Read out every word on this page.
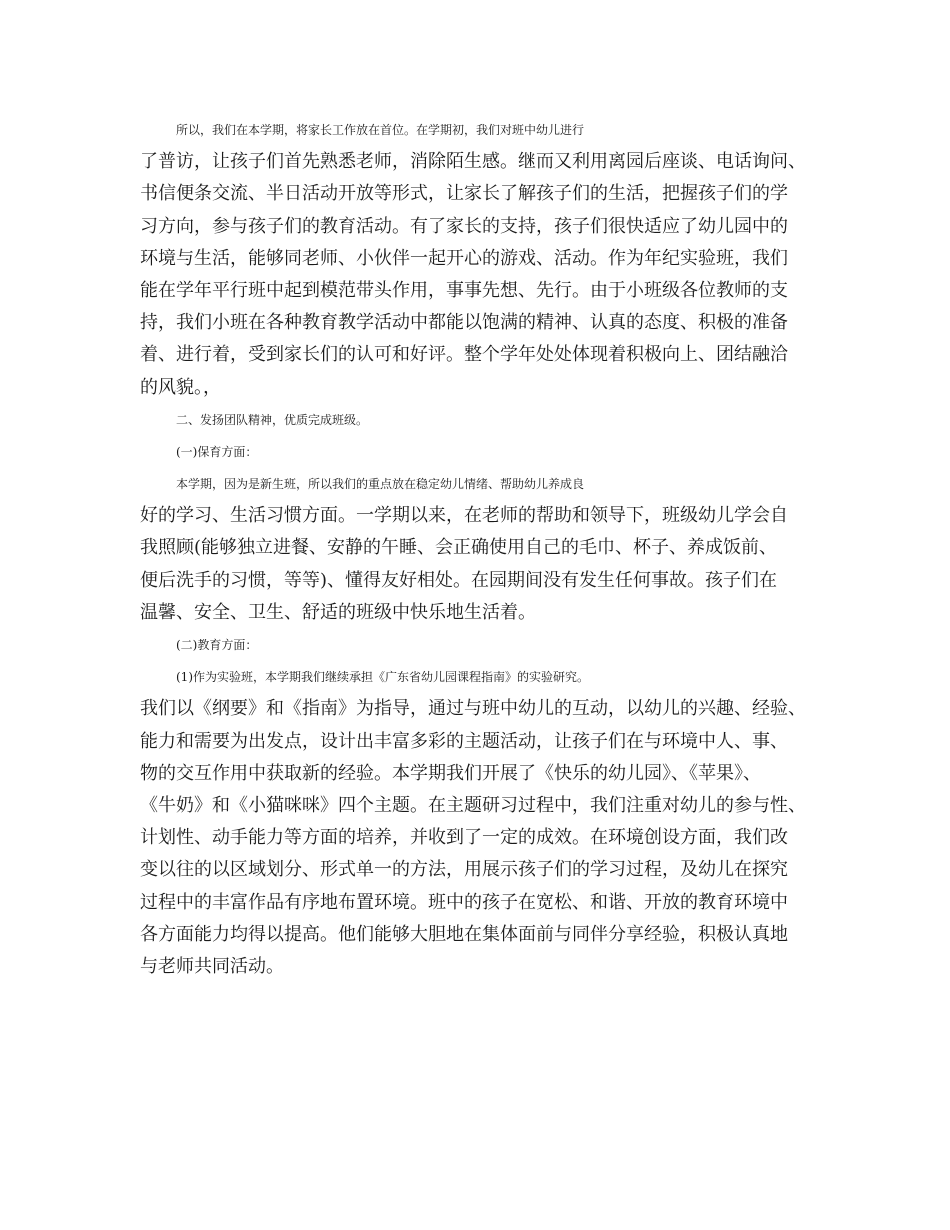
所以，我们在本学期，将家长工作放在首位。在学期初，我们对班中幼儿进行
了普访，让孩子们首先熟悉老师，消除陌生感。继而又利用离园后座谈、电话询问、
书信便条交流、半日活动开放等形式，让家长了解孩子们的生活，把握孩子们的学
习方向，参与孩子们的教育活动。有了家长的支持，孩子们很快适应了幼儿园中的
环境与生活，能够同老师、小伙伴一起开心的游戏、活动。作为年纪实验班，我们
能在学年平行班中起到模范带头作用，事事先想、先行。由于小班级各位教师的支
持，我们小班在各种教育教学活动中都能以饱满的精神、认真的态度、积极的准备
着、进行着，受到家长们的认可和好评。整个学年处处体现着积极向上、团结融洽
的风貌。，
二、发扬团队精神，优质完成班级。
(一)保育方面：
本学期，因为是新生班，所以我们的重点放在稳定幼儿情绪、帮助幼儿养成良
好的学习、生活习惯方面。一学期以来，在老师的帮助和领导下，班级幼儿学会自
我照顾(能够独立进餐、安静的午睡、会正确使用自己的毛巾、杯子、养成饭前、
便后洗手的习惯，等等)、懂得友好相处。在园期间没有发生任何事故。孩子们在
温馨、安全、卫生、舒适的班级中快乐地生活着。
(二)教育方面：
(1)作为实验班，本学期我们继续承担《广东省幼儿园课程指南》的实验研究。
我们以《纲要》和《指南》为指导，通过与班中幼儿的互动，以幼儿的兴趣、经验、
能力和需要为出发点，设计出丰富多彩的主题活动，让孩子们在与环境中人、事、
物的交互作用中获取新的经验。本学期我们开展了《快乐的幼儿园》、《苹果》、
《牛奶》和《小猫咪咪》四个主题。在主题研习过程中，我们注重对幼儿的参与性、
计划性、动手能力等方面的培养，并收到了一定的成效。在环境创设方面，我们改
变以往的以区域划分、形式单一的方法，用展示孩子们的学习过程，及幼儿在探究
过程中的丰富作品有序地布置环境。班中的孩子在宽松、和谐、开放的教育环境中
各方面能力均得以提高。他们能够大胆地在集体面前与同伴分享经验，积极认真地
与老师共同活动。
